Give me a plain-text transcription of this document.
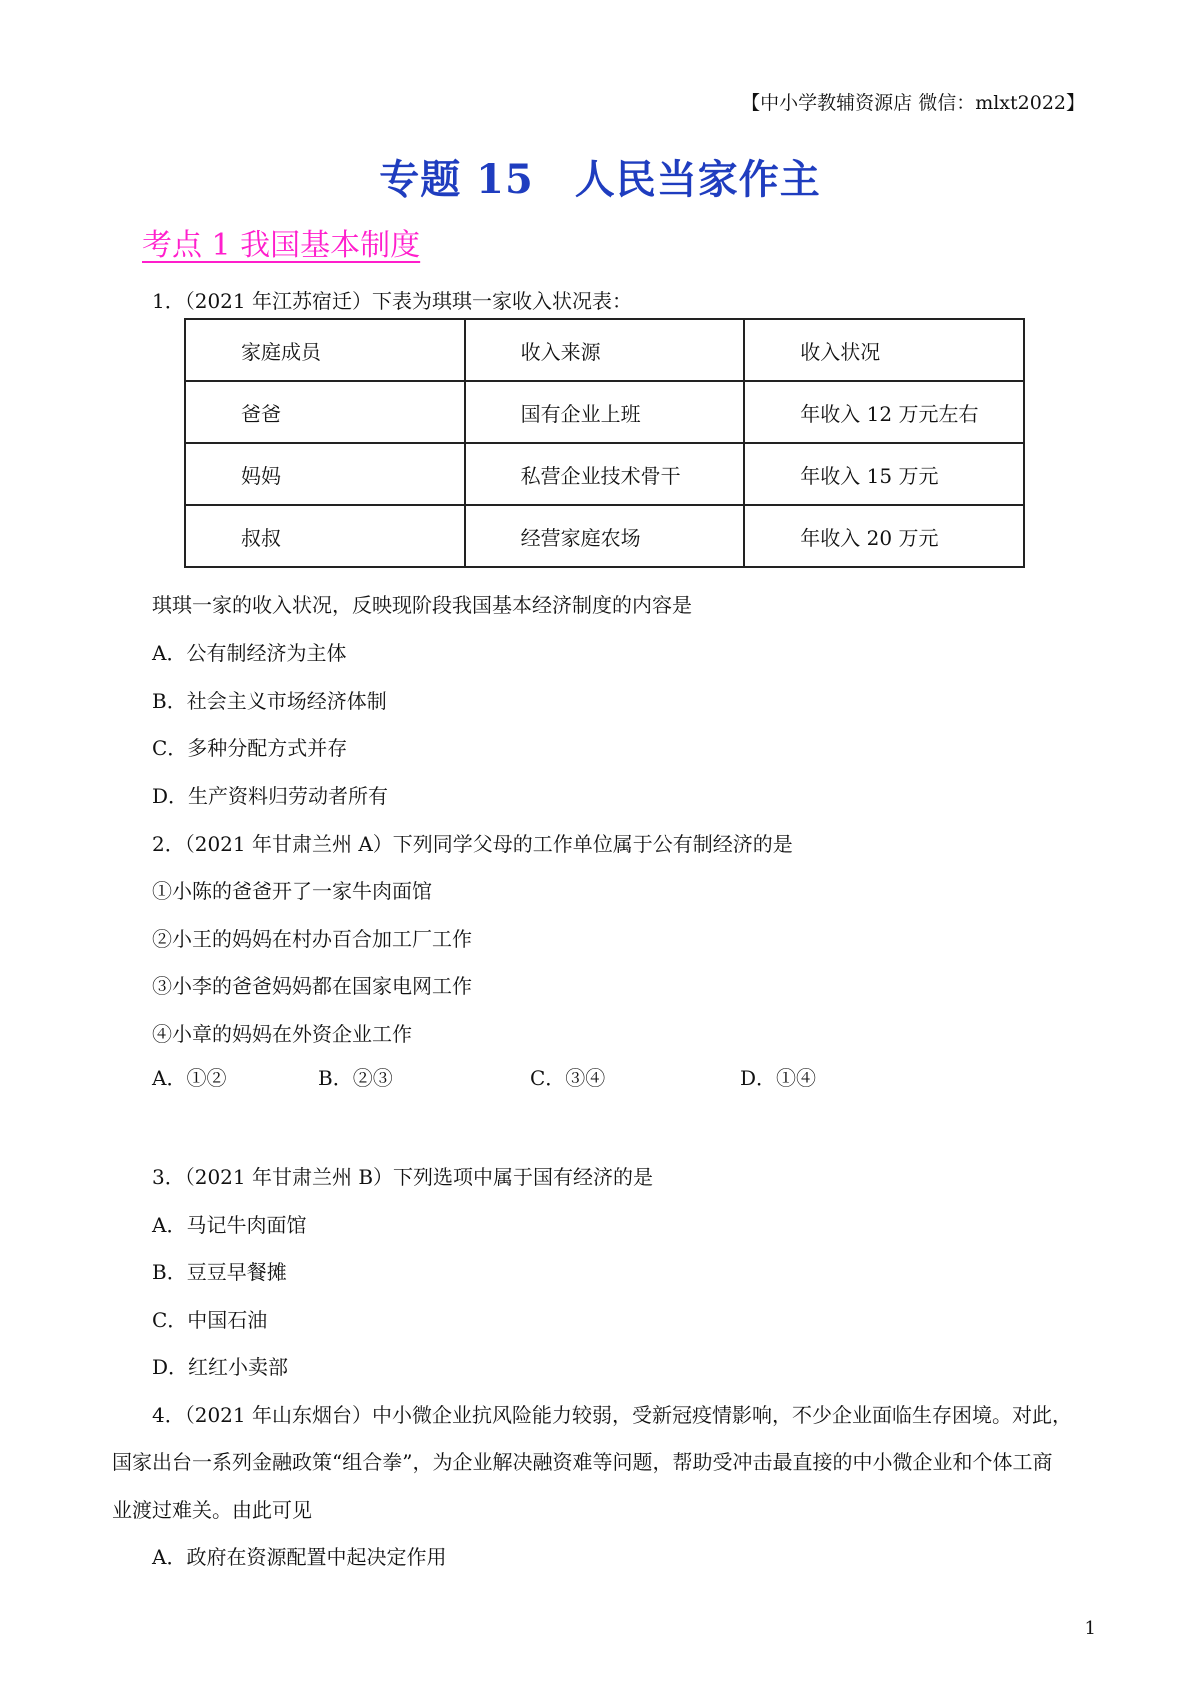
【中小学教辅资源店 微信：mlxt2022】
专题 15　人民当家作主
考点 1 我国基本制度
1．（2021 年江苏宿迁）下表为琪琪一家收入状况表：
家庭成员	收入来源	收入状况
爸爸	国有企业上班	年收入 12 万元左右
妈妈	私营企业技术骨干	年收入 15 万元
叔叔	经营家庭农场	年收入 20 万元
琪琪一家的收入状况，反映现阶段我国基本经济制度的内容是
A．公有制经济为主体
B．社会主义市场经济体制
C．多种分配方式并存
D．生产资料归劳动者所有
2．（2021 年甘肃兰州 A）下列同学父母的工作单位属于公有制经济的是
①小陈的爸爸开了一家牛肉面馆
②小王的妈妈在村办百合加工厂工作
③小李的爸爸妈妈都在国家电网工作
④小章的妈妈在外资企业工作
A．①②	B．②③	C．③④	D．①④
3．（2021 年甘肃兰州 B）下列选项中属于国有经济的是
A．马记牛肉面馆
B．豆豆早餐摊
C．中国石油
D．红红小卖部
4．（2021 年山东烟台）中小微企业抗风险能力较弱，受新冠疫情影响，不少企业面临生存困境。对此，
国家出台一系列金融政策“组合拳”，为企业解决融资难等问题，帮助受冲击最直接的中小微企业和个体工商
业渡过难关。由此可见
A．政府在资源配置中起决定作用
1
